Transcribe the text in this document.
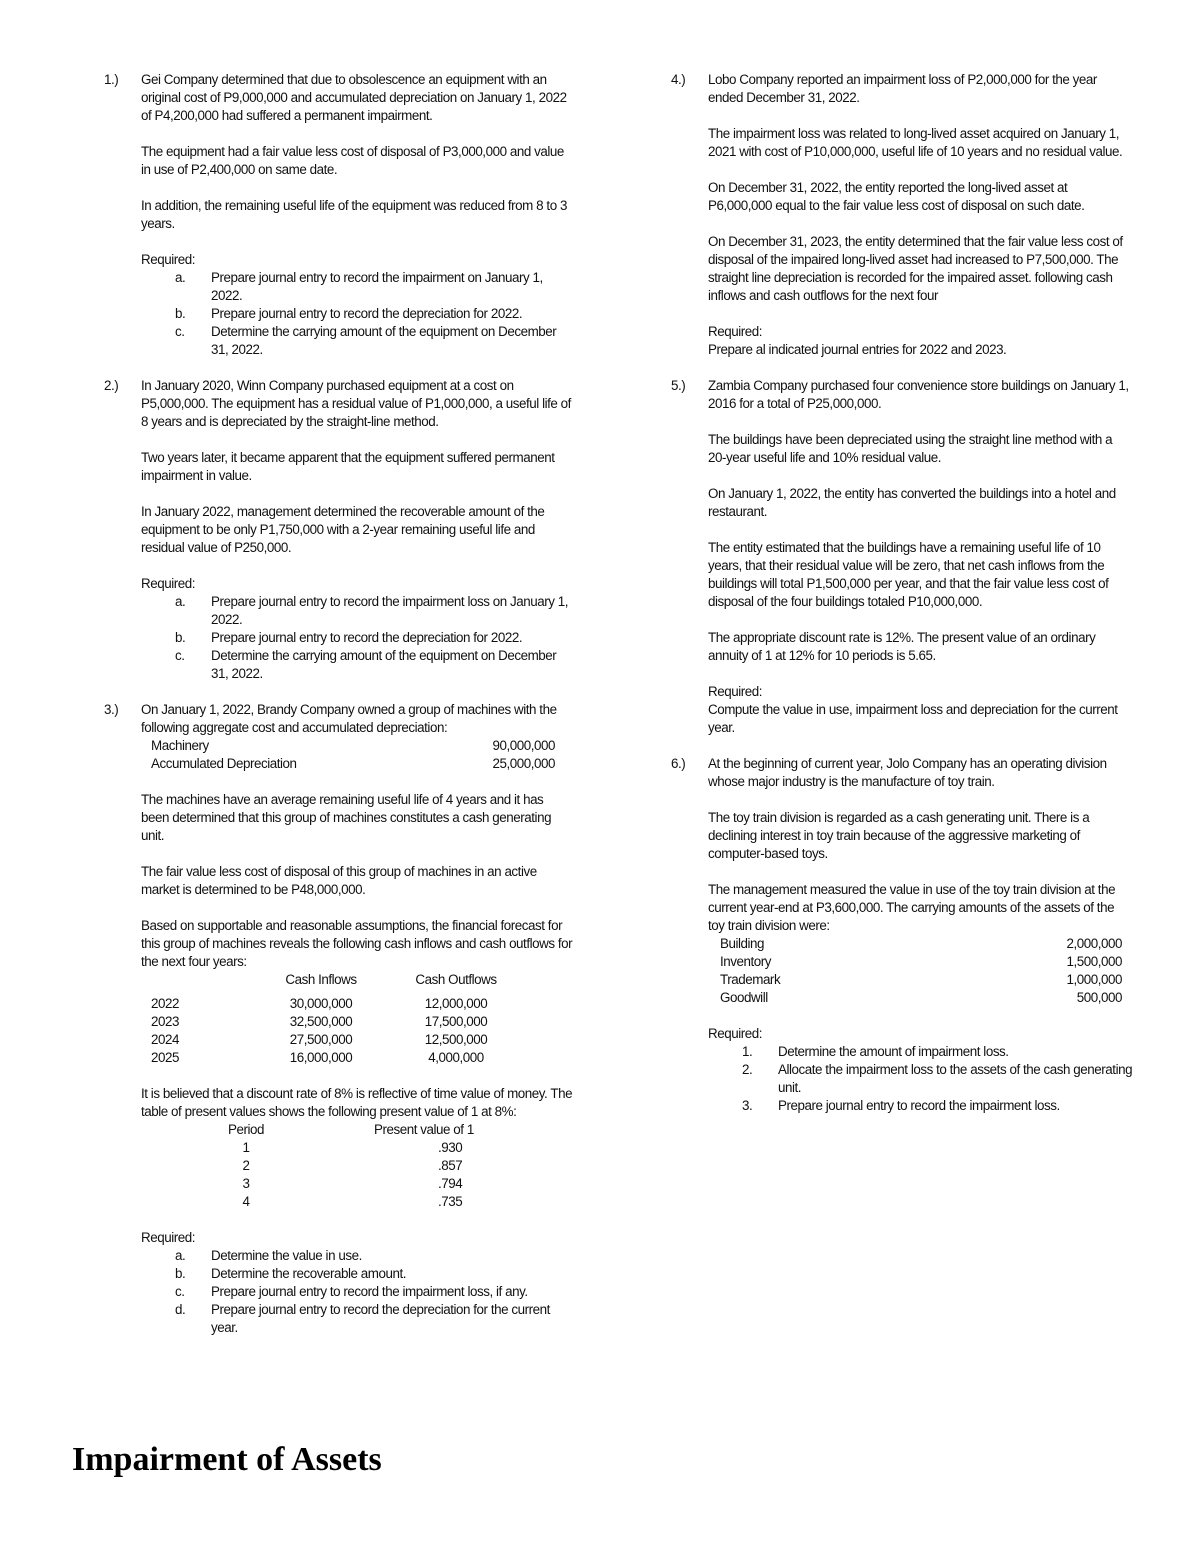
1.) Gei Company determined that due to obsolescence an equipment with an original cost of P9,000,000 and accumulated depreciation on January 1, 2022 of P4,200,000 had suffered a permanent impairment.

The equipment had a fair value less cost of disposal of P3,000,000 and value in use of P2,400,000 on same date.

In addition, the remaining useful life of the equipment was reduced from 8 to 3 years.

Required:
a. Prepare journal entry to record the impairment on January 1, 2022.
b. Prepare journal entry to record the depreciation for 2022.
c. Determine the carrying amount of the equipment on December 31, 2022.
2.) In January 2020, Winn Company purchased equipment at a cost on P5,000,000. The equipment has a residual value of P1,000,000, a useful life of 8 years and is depreciated by the straight-line method.

Two years later, it became apparent that the equipment suffered permanent impairment in value.

In January 2022, management determined the recoverable amount of the equipment to be only P1,750,000 with a 2-year remaining useful life and residual value of P250,000.

Required:
a. Prepare journal entry to record the impairment loss on January 1, 2022.
b. Prepare journal entry to record the depreciation for 2022.
c. Determine the carrying amount of the equipment on December 31, 2022.
3.) On January 1, 2022, Brandy Company owned a group of machines with the following aggregate cost and accumulated depreciation:

Machinery	90,000,000
Accumulated Depreciation	25,000,000

The machines have an average remaining useful life of 4 years and it has been determined that this group of machines constitutes a cash generating unit.

The fair value less cost of disposal of this group of machines in an active market is determined to be P48,000,000.

Based on supportable and reasonable assumptions, the financial forecast for this group of machines reveals the following cash inflows and cash outflows for the next four years:

	Cash Inflows	Cash Outflows
2022	30,000,000	12,000,000
2023	32,500,000	17,500,000
2024	27,500,000	12,500,000
2025	16,000,000	4,000,000

It is believed that a discount rate of 8% is reflective of time value of money. The table of present values shows the following present value of 1 at 8%:

Period	Present value of 1
1	.930
2	.857
3	.794
4	.735
Required:
a. Determine the value in use.
b. Determine the recoverable amount.
c. Prepare journal entry to record the impairment loss, if any.
d. Prepare journal entry to record the depreciation for the current year.
4.) Lobo Company reported an impairment loss of P2,000,000 for the year ended December 31, 2022.

The impairment loss was related to long-lived asset acquired on January 1, 2021 with cost of P10,000,000, useful life of 10 years and no residual value.

On December 31, 2022, the entity reported the long-lived asset at P6,000,000 equal to the fair value less cost of disposal on such date.

On December 31, 2023, the entity determined that the fair value less cost of disposal of the impaired long-lived asset had increased to P7,500,000. The straight line depreciation is recorded for the impaired asset. following cash inflows and cash outflows for the next four

Required:

Prepare al indicated journal entries for 2022 and 2023.

5.) Zambia Company purchased four convenience store buildings on January 1, 2016 for a total of P25,000,000.

The buildings have been depreciated using the straight line method with a 20-year useful life and 10% residual value.

On January 1, 2022, the entity has converted the buildings into a hotel and restaurant.

The entity estimated that the buildings have a remaining useful life of 10 years, that their residual value will be zero, that net cash inflows from the buildings will total P1,500,000 per year, and that the fair value less cost of disposal of the four buildings totaled P10,000,000.

The appropriate discount rate is 12%. The present value of an ordinary annuity of 1 at 12% for 10 periods is 5.65.

Required:

Compute the value in use, impairment loss and depreciation for the current year.

6.) At the beginning of current year, Jolo Company has an operating division whose major industry is the manufacture of toy train.

The toy train division is regarded as a cash generating unit. There is a declining interest in toy train because of the aggressive marketing of computer-based toys.

The management measured the value in use of the toy train division at the current year-end at P3,600,000. The carrying amounts of the assets of the toy train division were:

Building	2,000,000
Inventory	1,500,000
Trademark	1,000,000
Goodwill	500,000
Required:
1. Determine the amount of impairment loss.
2. Allocate the impairment loss to the assets of the cash generating unit.
3. Prepare journal entry to record the impairment loss.
Impairment of Assets
